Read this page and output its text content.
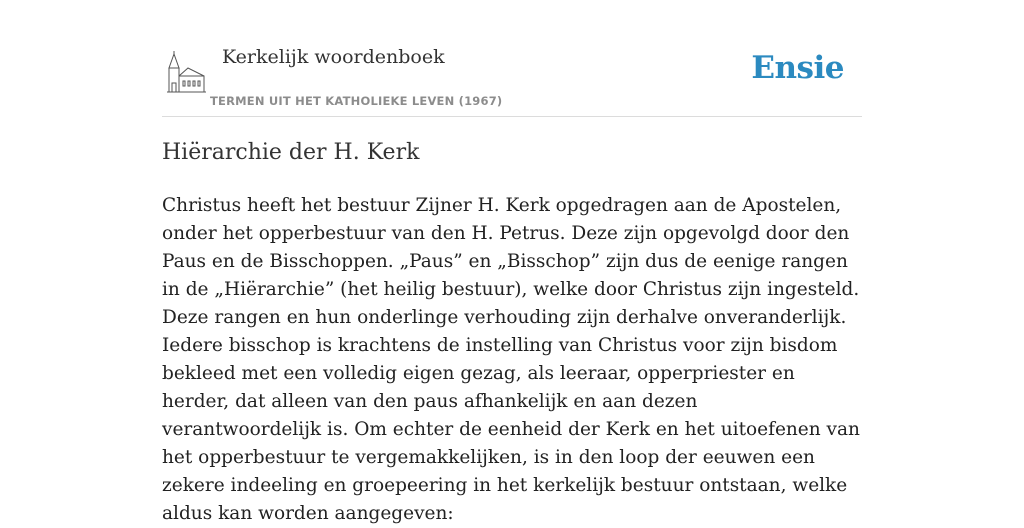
Kerkelijk woordenboek
TERMEN UIT HET KATHOLIEKE LEVEN (1967)
Ensie
Hiërarchie der H. Kerk

Christus heeft het bestuur Zijner H. Kerk opgedragen aan de Apostelen, onder het opperbestuur van den H. Petrus. Deze zijn opgevolgd door den Paus en de Bisschoppen. „Paus” en „Bisschop” zijn dus de eenige rangen in de „Hiërarchie” (het heilig bestuur), welke door Christus zijn ingesteld. Deze rangen en hun onderlinge verhouding zijn derhalve onveranderlijk. Iedere bisschop is krachtens de instelling van Christus voor zijn bisdom bekleed met een volledig eigen gezag, als leeraar, opperpriester en herder, dat alleen van den paus afhankelijk en aan dezen verantwoordelijk is. Om echter de eenheid der Kerk en het uitoefenen van het opperbestuur te vergemakkelijken, is in den loop der eeuwen een zekere indeeling en groepeering in het kerkelijk bestuur ontstaan, welke aldus kan worden aangegeven:
